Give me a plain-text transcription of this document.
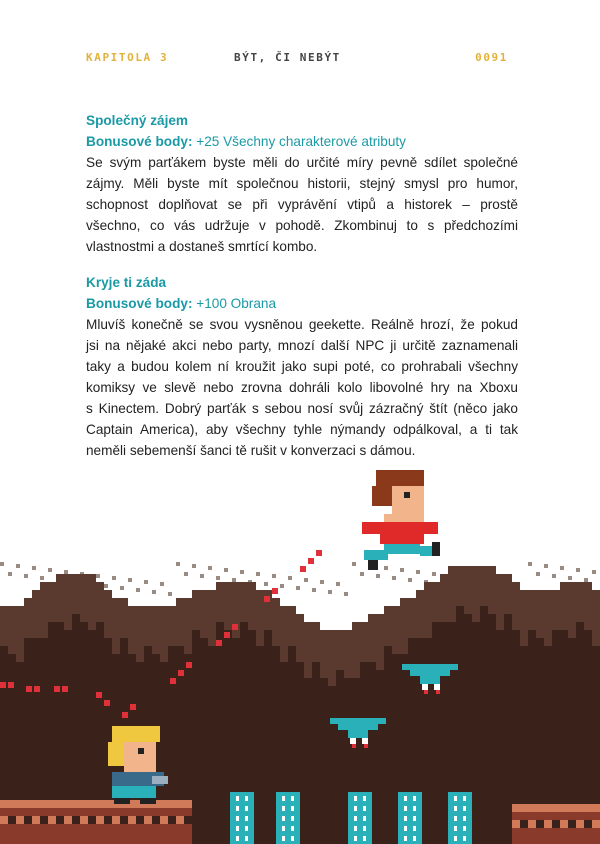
KAPITOLA 3	BÝT, ČI NEBÝT	0091
Společný zájem
Bonusové body: +25 Všechny charakterové atributy
Se svým parťákem byste měli do určité míry pevně sdílet společné
zájmy. Měli byste mít společnou historii, stejný smysl pro humor,
schopnost doplňovat se při vyprávění vtipů a historek – prostě
všechno, co vás udržuje v pohodě. Zkombinuj to s předchozími
vlastnostmi a dostaneš smrtící kombo.
Kryje ti záda
Bonusové body: +100 Obrana
Mluvíš konečně se svou vysněnou geekette. Reálně hrozí, že pokud
jsi na nějaké akci nebo party, mnozí další NPC ji určitě zaznamenali
taky a budou kolem ní kroužit jako supi poté, co prohrabali všechny
komiksy ve slevě nebo zrovna dohráli kolo libovolné hry na Xboxu
s Kinectem. Dobrý parťák s sebou nosí svůj zázračný štít (něco jako
Captain America), aby všechny tyhle nýmandy odpálkoval, a ti tak
neměli sebemenší šanci tě rušit v konverzaci s dámou.
